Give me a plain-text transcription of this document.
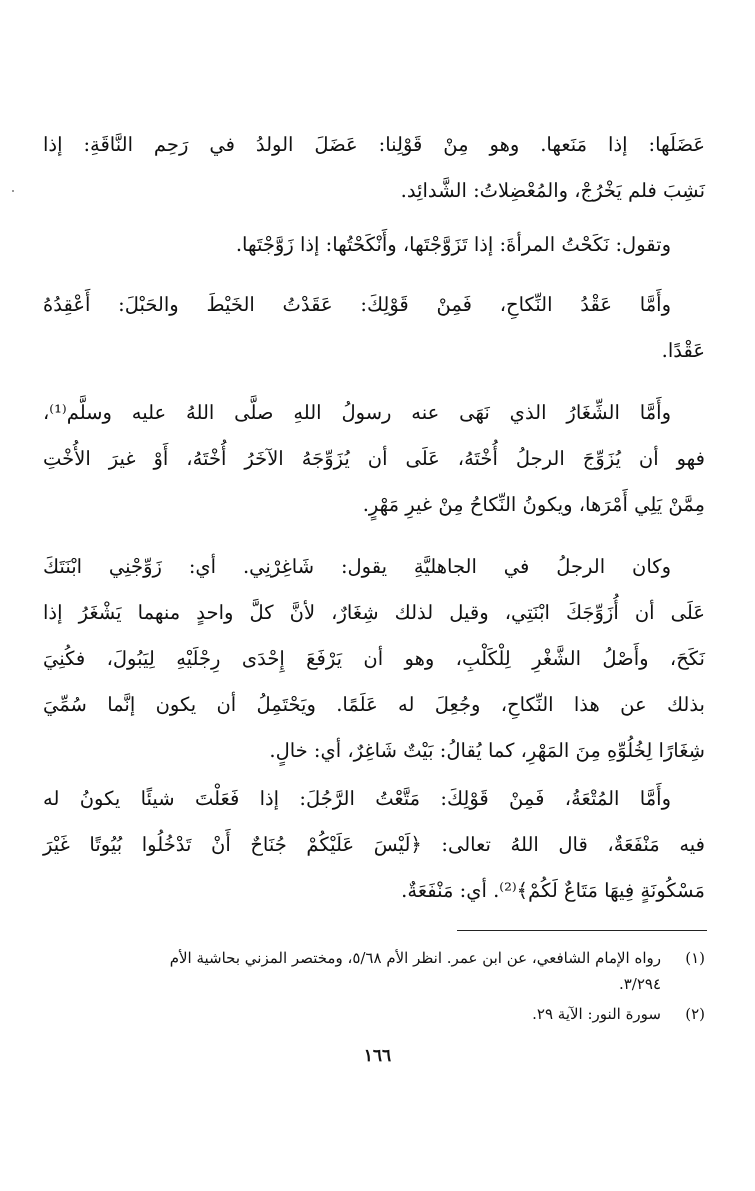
عَضَلَها: إذا مَنَعها. وهو مِنْ قَوْلِنا: عَضَلَ الولدُ في رَحِم النَّاقَةِ: إذا
نَشِبَ فلم يَخْرُجْ، والمُعْضِلاتُ: الشَّدائِد.
وتقول: نَكَحْتُ المرأةَ: إذا تَزَوَّجْتَها، وأَنْكَحْتُها: إذا زَوَّجْتَها.
وأَمَّا عَقْدُ النِّكاحِ، فَمِنْ قَوْلِكَ: عَقَدْتُ الخَيْطَ والحَبْلَ: أَعْقِدُهُ
عَقْدًا.
وأَمَّا الشِّغَارُ الذي نَهَى عنه رسولُ اللهِ صلَّى اللهُ عليه وسلَّم⁽¹⁾،
فهو أن يُزَوِّجَ الرجلُ أُخْتَهُ، عَلَى أن يُزَوِّجَهُ الآخَرُ أُخْتَهُ، أَوْ غيرَ الأُخْتِ
مِمَّنْ يَلِي أَمْرَها، ويكونُ النِّكاحُ مِنْ غيرِ مَهْرٍ.
وكان الرجلُ في الجاهليَّةِ يقول: شَاغِرْنِي. أي: زَوِّجْنِي ابْنَتَكَ
عَلَى أن أُزَوِّجَكَ ابْنَتِي، وقيل لذلك شِغَارٌ، لأنَّ كلَّ واحدٍ منهما يَشْغَرُ إذا
نَكَحَ، وأَصْلُ الشَّغْرِ لِلْكَلْبِ، وهو أن يَرْفَعَ إِحْدَى رِجْلَيْهِ لِيَبُولَ، فكُنِيَ
بذلك عن هذا النِّكاحِ، وجُعِلَ له عَلَمًا. ويَحْتَمِلُ أن يكون إنَّما سُمِّيَ
شِغَارًا لِخُلُوِّهِ مِنَ المَهْرِ، كما يُقالُ: بَيْتٌ شَاغِرٌ، أي: خالٍ.
وأَمَّا المُتْعَةُ، فَمِنْ قَوْلِكَ: مَتَّعْتُ الرَّجُلَ: إذا فَعَلْتَ شيئًا يكونُ له
فيه مَنْفَعَةٌ، قال اللهُ تعالى: ﴿لَيْسَ عَلَيْكُمْ جُنَاحٌ أَنْ تَدْخُلُوا بُيُوتًا غَيْرَ
مَسْكُونَةٍ فِيهَا مَتَاعٌ لَكُمْ﴾⁽²⁾. أي: مَنْفَعَةٌ.
(١)
رواه الإمام الشافعي، عن ابن عمر. انظر الأم ٥/٦٨، ومختصر المزني بحاشية الأم
٣/٢٩٤.
(٢)
سورة النور: الآية ٢٩.
١٦٦
